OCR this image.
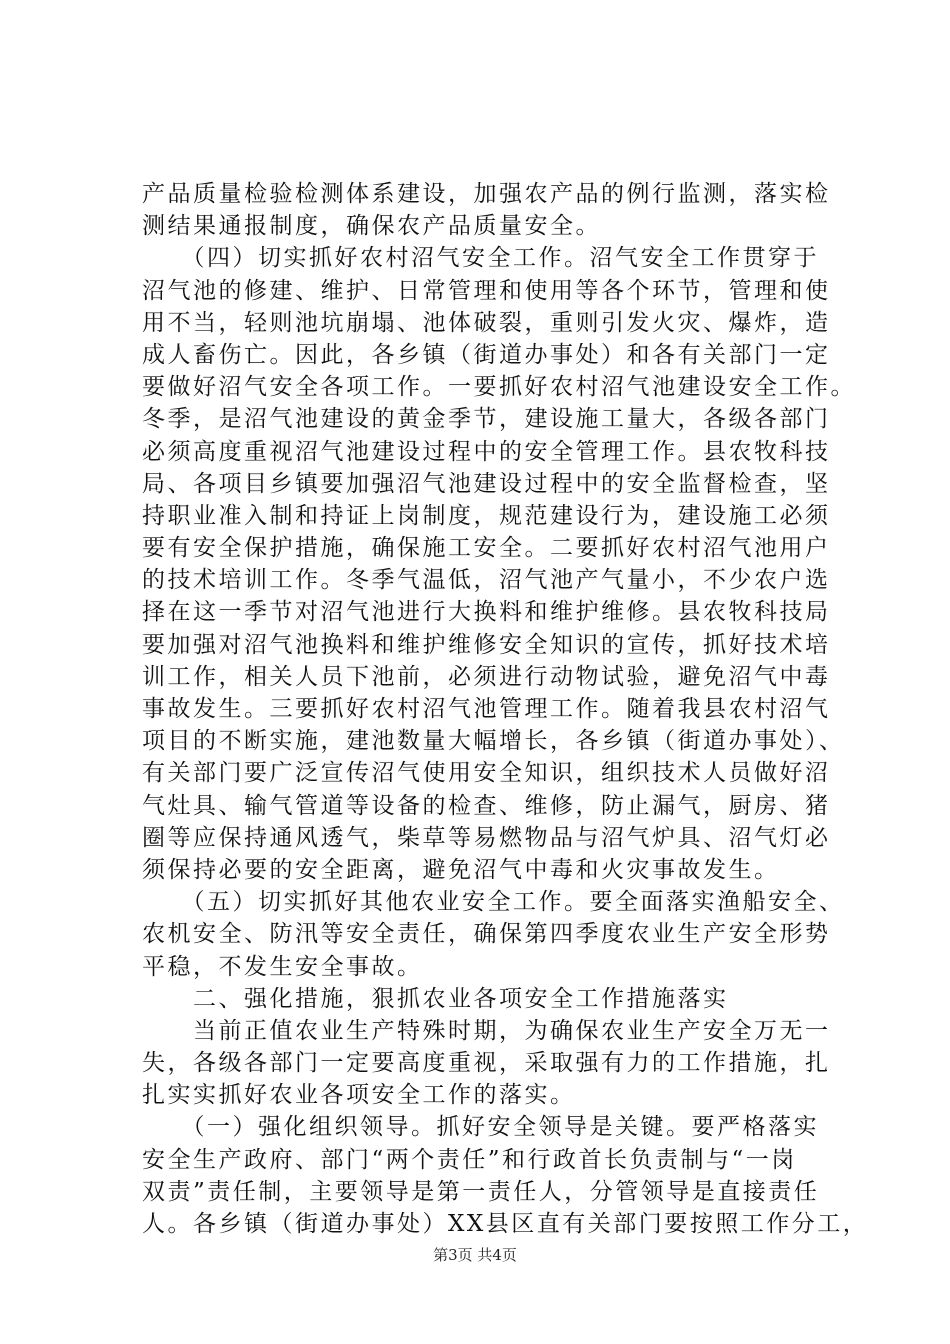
产品质量检验检测体系建设，加强农产品的例行监测，落实检
测结果通报制度，确保农产品质量安全。
　　（四）切实抓好农村沼气安全工作。沼气安全工作贯穿于
沼气池的修建、维护、日常管理和使用等各个环节，管理和使
用不当，轻则池坑崩塌、池体破裂，重则引发火灾、爆炸，造
成人畜伤亡。因此，各乡镇（街道办事处）和各有关部门一定
要做好沼气安全各项工作。一要抓好农村沼气池建设安全工作。
冬季，是沼气池建设的黄金季节，建设施工量大，各级各部门
必须高度重视沼气池建设过程中的安全管理工作。县农牧科技
局、各项目乡镇要加强沼气池建设过程中的安全监督检查，坚
持职业准入制和持证上岗制度，规范建设行为，建设施工必须
要有安全保护措施，确保施工安全。二要抓好农村沼气池用户
的技术培训工作。冬季气温低，沼气池产气量小，不少农户选
择在这一季节对沼气池进行大换料和维护维修。县农牧科技局
要加强对沼气池换料和维护维修安全知识的宣传，抓好技术培
训工作，相关人员下池前，必须进行动物试验，避免沼气中毒
事故发生。三要抓好农村沼气池管理工作。随着我县农村沼气
项目的不断实施，建池数量大幅增长，各乡镇（街道办事处）、
有关部门要广泛宣传沼气使用安全知识，组织技术人员做好沼
气灶具、输气管道等设备的检查、维修，防止漏气，厨房、猪
圈等应保持通风透气，柴草等易燃物品与沼气炉具、沼气灯必
须保持必要的安全距离，避免沼气中毒和火灾事故发生。
　　（五）切实抓好其他农业安全工作。要全面落实渔船安全、
农机安全、防汛等安全责任，确保第四季度农业生产安全形势
平稳，不发生安全事故。
　　二、强化措施，狠抓农业各项安全工作措施落实
　　当前正值农业生产特殊时期，为确保农业生产安全万无一
失，各级各部门一定要高度重视，采取强有力的工作措施，扎
扎实实抓好农业各项安全工作的落实。
　　（一）强化组织领导。抓好安全领导是关键。要严格落实
安全生产政府、部门“两个责任”和行政首长负责制与“一岗
双责”责任制，主要领导是第一责任人，分管领导是直接责任
人。各乡镇（街道办事处）XX县区直有关部门要按照工作分工，
第3页 共4页
